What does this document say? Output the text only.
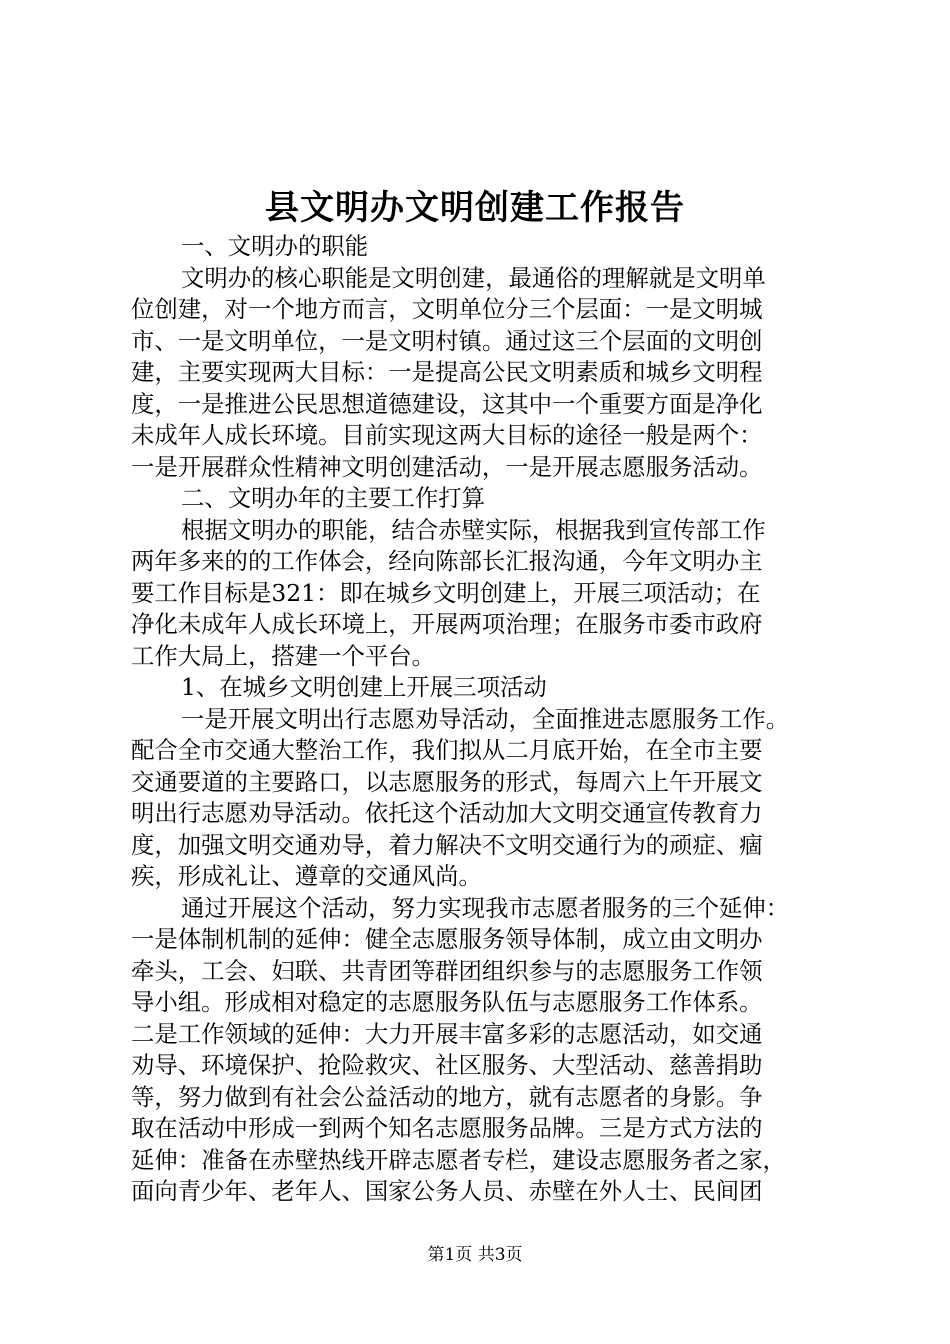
县文明办文明创建工作报告
一、文明办的职能
文明办的核心职能是文明创建，最通俗的理解就是文明单
位创建，对一个地方而言，文明单位分三个层面：一是文明城
市、一是文明单位，一是文明村镇。通过这三个层面的文明创
建，主要实现两大目标：一是提高公民文明素质和城乡文明程
度，一是推进公民思想道德建设，这其中一个重要方面是净化
未成年人成长环境。目前实现这两大目标的途径一般是两个：
一是开展群众性精神文明创建活动，一是开展志愿服务活动。
二、文明办年的主要工作打算
根据文明办的职能，结合赤壁实际，根据我到宣传部工作
两年多来的的工作体会，经向陈部长汇报沟通，今年文明办主
要工作目标是321：即在城乡文明创建上，开展三项活动；在
净化未成年人成长环境上，开展两项治理；在服务市委市政府
工作大局上，搭建一个平台。
1、在城乡文明创建上开展三项活动
一是开展文明出行志愿劝导活动，全面推进志愿服务工作。
配合全市交通大整治工作，我们拟从二月底开始，在全市主要
交通要道的主要路口，以志愿服务的形式，每周六上午开展文
明出行志愿劝导活动。依托这个活动加大文明交通宣传教育力
度，加强文明交通劝导，着力解决不文明交通行为的顽症、痼
疾，形成礼让、遵章的交通风尚。
通过开展这个活动，努力实现我市志愿者服务的三个延伸：
一是体制机制的延伸：健全志愿服务领导体制，成立由文明办
牵头，工会、妇联、共青团等群团组织参与的志愿服务工作领
导小组。形成相对稳定的志愿服务队伍与志愿服务工作体系。
二是工作领域的延伸：大力开展丰富多彩的志愿活动，如交通
劝导、环境保护、抢险救灾、社区服务、大型活动、慈善捐助
等，努力做到有社会公益活动的地方，就有志愿者的身影。争
取在活动中形成一到两个知名志愿服务品牌。三是方式方法的
延伸：准备在赤壁热线开辟志愿者专栏，建设志愿服务者之家，
面向青少年、老年人、国家公务人员、赤壁在外人士、民间团
第1页 共3页
